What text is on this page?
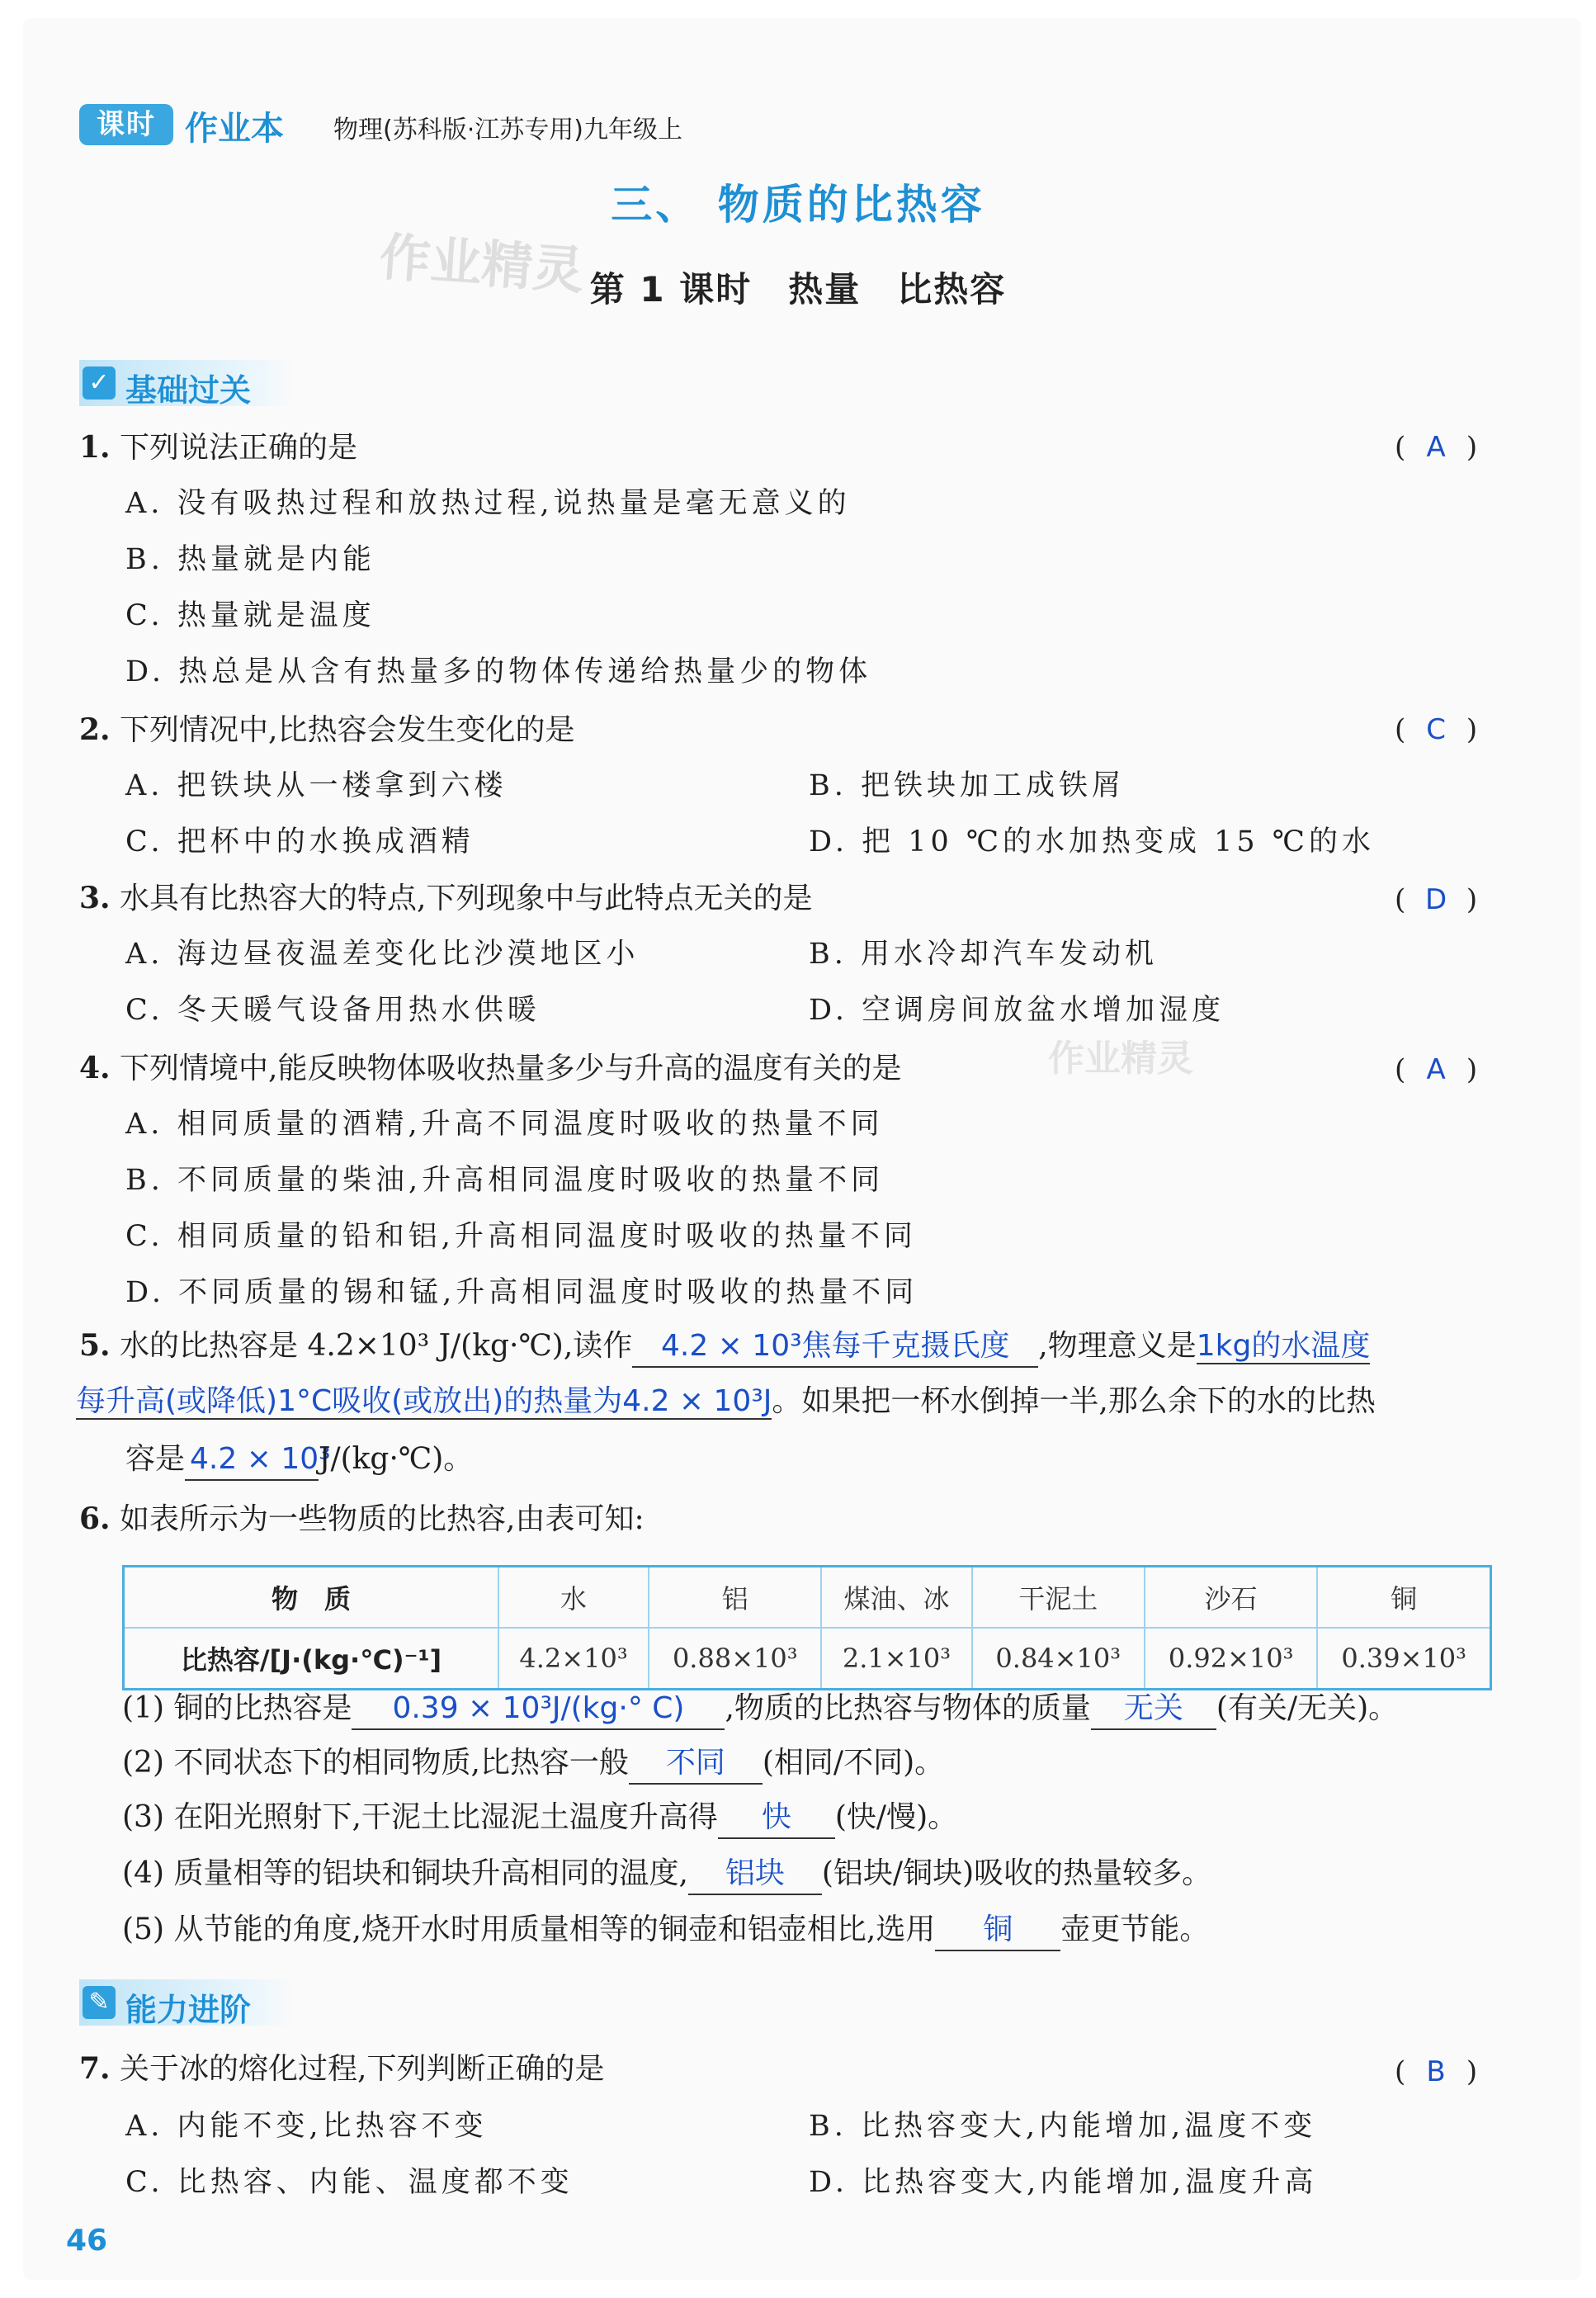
课时 作业本 物理(苏科版·江苏专用)九年级上
三、 物质的比热容
作业精灵 第 1 课时　热量　比热容
✓ 基础过关
1. 下列说法正确的是	( A )
A. 没有吸热过程和放热过程,说热量是毫无意义的
B. 热量就是内能
C. 热量就是温度
D. 热总是从含有热量多的物体传递给热量少的物体
2. 下列情况中,比热容会发生变化的是	( C )
A. 把铁块从一楼拿到六楼	B. 把铁块加工成铁屑
C. 把杯中的水换成酒精	D. 把 10 ℃的水加热变成 15 ℃的水
3. 水具有比热容大的特点,下列现象中与此特点无关的是	( D )
A. 海边昼夜温差变化比沙漠地区小	B. 用水冷却汽车发动机
C. 冬天暖气设备用热水供暖	D. 空调房间放盆水增加湿度
作业精灵
4. 下列情境中,能反映物体吸收热量多少与升高的温度有关的是	( A )
A. 相同质量的酒精,升高不同温度时吸收的热量不同
B. 不同质量的柴油,升高相同温度时吸收的热量不同
C. 相同质量的铅和铝,升高相同温度时吸收的热量不同
D. 不同质量的锡和锰,升高相同温度时吸收的热量不同
5. 水的比热容是 4.2×10³ J/(kg·℃),读作 4.2 × 10³焦每千克摄氏度 ,物理意义是1kg的水温度
每升高(或降低)1°C吸收(或放出)的热量为4.2 × 10³J。如果把一杯水倒掉一半,那么余下的水的比热
容是 4.2 × 10³J/(kg·℃)。
6. 如表所示为一些物质的比热容,由表可知:
物　质	水	铝	煤油、冰	干泥土	沙石	铜
比热容/[J·(kg·℃)⁻¹]	4.2×10³	0.88×10³	2.1×10³	0.84×10³	0.92×10³	0.39×10³
(1) 铜的比热容是 0.39 × 10³J/(kg·° C) ,物质的比热容与物体的质量 无关 (有关/无关)。
(2) 不同状态下的相同物质,比热容一般 不同 (相同/不同)。
(3) 在阳光照射下,干泥土比湿泥土温度升高得 快 (快/慢)。
(4) 质量相等的铝块和铜块升高相同的温度, 铝块 (铝块/铜块)吸收的热量较多。
(5) 从节能的角度,烧开水时用质量相等的铜壶和铝壶相比,选用 铜 壶更节能。
✎ 能力进阶
7. 关于冰的熔化过程,下列判断正确的是	( B )
A. 内能不变,比热容不变	B. 比热容变大,内能增加,温度不变
C. 比热容、内能、温度都不变	D. 比热容变大,内能增加,温度升高
46
